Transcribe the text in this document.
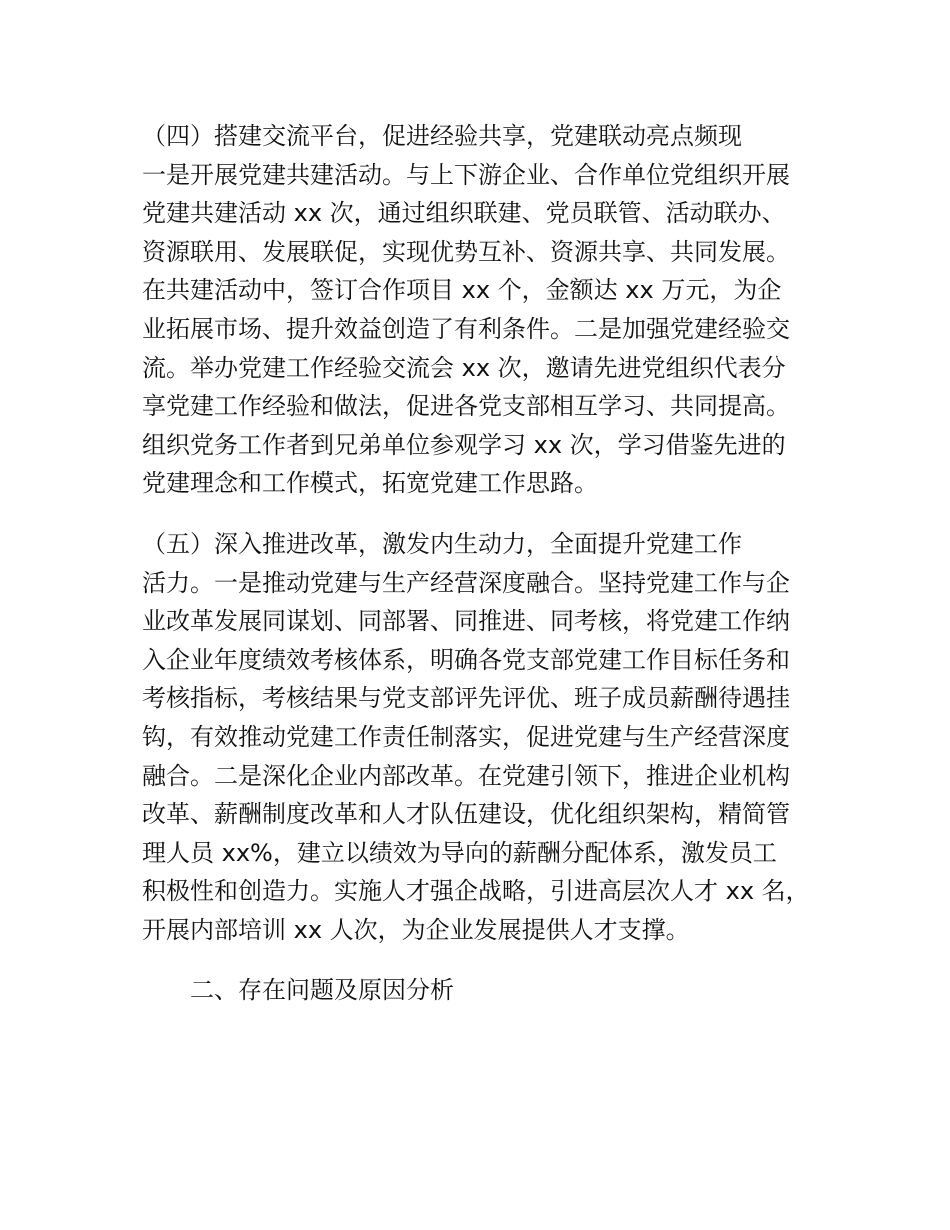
（四）搭建交流平台，促进经验共享，党建联动亮点频现
一是开展党建共建活动。与上下游企业、合作单位党组织开展
党建共建活动 xx 次，通过组织联建、党员联管、活动联办、
资源联用、发展联促，实现优势互补、资源共享、共同发展。
在共建活动中，签订合作项目 xx 个，金额达 xx 万元，为企
业拓展市场、提升效益创造了有利条件。二是加强党建经验交
流。举办党建工作经验交流会 xx 次，邀请先进党组织代表分
享党建工作经验和做法，促进各党支部相互学习、共同提高。
组织党务工作者到兄弟单位参观学习 xx 次，学习借鉴先进的
党建理念和工作模式，拓宽党建工作思路。
（五）深入推进改革，激发内生动力，全面提升党建工作
活力。一是推动党建与生产经营深度融合。坚持党建工作与企
业改革发展同谋划、同部署、同推进、同考核，将党建工作纳
入企业年度绩效考核体系，明确各党支部党建工作目标任务和
考核指标，考核结果与党支部评先评优、班子成员薪酬待遇挂
钩，有效推动党建工作责任制落实，促进党建与生产经营深度
融合。二是深化企业内部改革。在党建引领下，推进企业机构
改革、薪酬制度改革和人才队伍建设，优化组织架构，精简管
理人员 xx%，建立以绩效为导向的薪酬分配体系，激发员工
积极性和创造力。实施人才强企战略，引进高层次人才 xx 名，
开展内部培训 xx 人次，为企业发展提供人才支撑。
二、存在问题及原因分析
